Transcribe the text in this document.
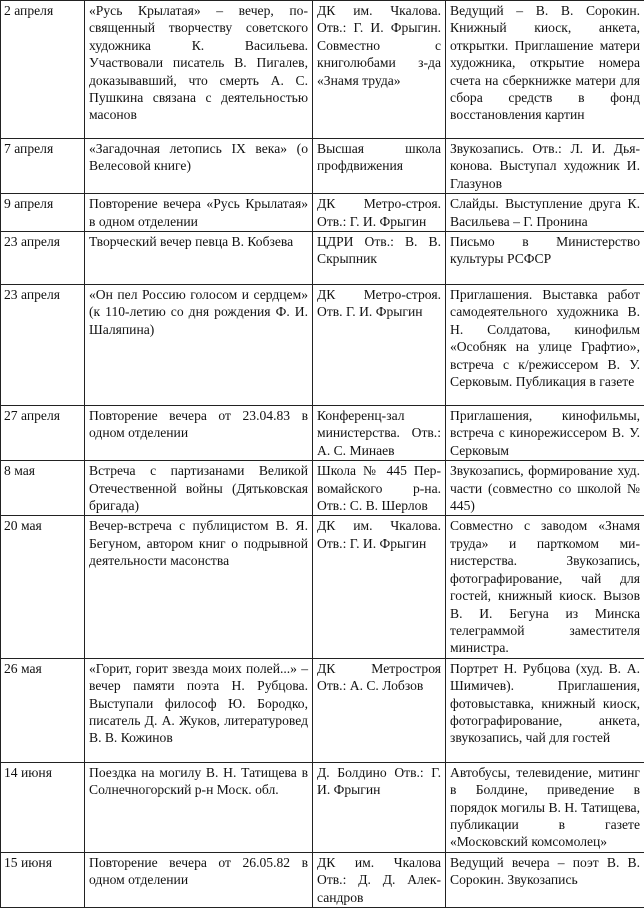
2 апреля	«Русь Крылатая» – вечер, посвященный творчеству советского художника К. Васильева. Участвовали писатель В. Пигалев, доказывавший, что смерть А. С. Пушкина связана с деятельностью масонов	ДК им. Чкалова. Отв.: Г. И. Фрыгин. Совместно с книголюбами з-да «Знамя труда»	Ведущий – В. В. Сорокин. Книжный киоск, анкета, открытки. Приглашение матери художника, открытие номера счета на сберкнижке матери для сбора средств в фонд восстановления картин
7 апреля	«Загадочная летопись IX века» (о Велесовой книге)	Высшая школа профдвижения	Звукозапись. Отв.: Л. И. Дьяконова. Выступал художник И. Глазунов
9 апреля	Повторение вечера «Русь Крылатая» в одном отделении	ДК Метро-строя. Отв.: Г. И. Фрыгин	Слайды. Выступление друга К. Васильева – Г. Пронина
23 апреля	Творческий вечер певца В. Кобзева	ЦДРИ Отв.: В. В. Скрыпник	Письмо в Министерство культуры РСФСР
23 апреля	«Он пел Россию голосом и сердцем» (к 110-летию со дня рождения Ф. И. Шаляпина)	ДК Метро-строя. Отв. Г. И. Фрыгин	Приглашения. Выставка работ самодеятельного художника В. Н. Солдатова, кинофильм «Особняк на улице Графтио», встреча с к/режиссером В. У. Серковым. Публикация в газете
27 апреля	Повторение вечера от 23.04.83 в одном отделении	Конференц-зал министерства. Отв.: А. С. Минаев	Приглашения, кинофильмы, встреча с кинорежиссером В. У. Серковым
8 мая	Встреча с партизанами Великой Отечественной войны (Дятьковская бригада)	Школа № 445 Первомайского р-на. Отв.: С. В. Шерлов	Звукозапись, формирование худ. части (совместно со школой № 445)
20 мая	Вечер-встреча с публицистом В. Я. Бегуном, автором книг о подрывной деятельности масонства	ДК им. Чкалова. Отв.: Г. И. Фрыгин	Совместно с заводом «Знамя труда» и парткомом министерства. Звукозапись, фотографирование, чай для гостей, книжный киоск. Вызов В. И. Бегуна из Минска телеграммой заместителя министра.
26 мая	«Горит, горит звезда моих полей...» – вечер памяти поэта Н. Рубцова. Выступали философ Ю. Бородко, писатель Д. А. Жуков, литературовед В. В. Кожинов	ДК Метростроя Отв.: А. С. Лобзов	Портрет Н. Рубцова (худ. В. А. Шимичев). Приглашения, фотовыставка, книжный киоск, фотографирование, анкета, звукозапись, чай для гостей
14 июня	Поездка на могилу В. Н. Татищева в Солнечногорский р-н Моск. обл.	Д. Болдино Отв.: Г. И. Фрыгин	Автобусы, телевидение, митинг в Болдине, приведение в порядок могилы В. Н. Татищева, публикации в газете «Московский комсомолец»
15 июня	Повторение вечера от 26.05.82 в одном отделении	ДК им. Чкалова Отв.: Д. Д. Александров	Ведущий вечера – поэт В. В. Сорокин. Звукозапись
